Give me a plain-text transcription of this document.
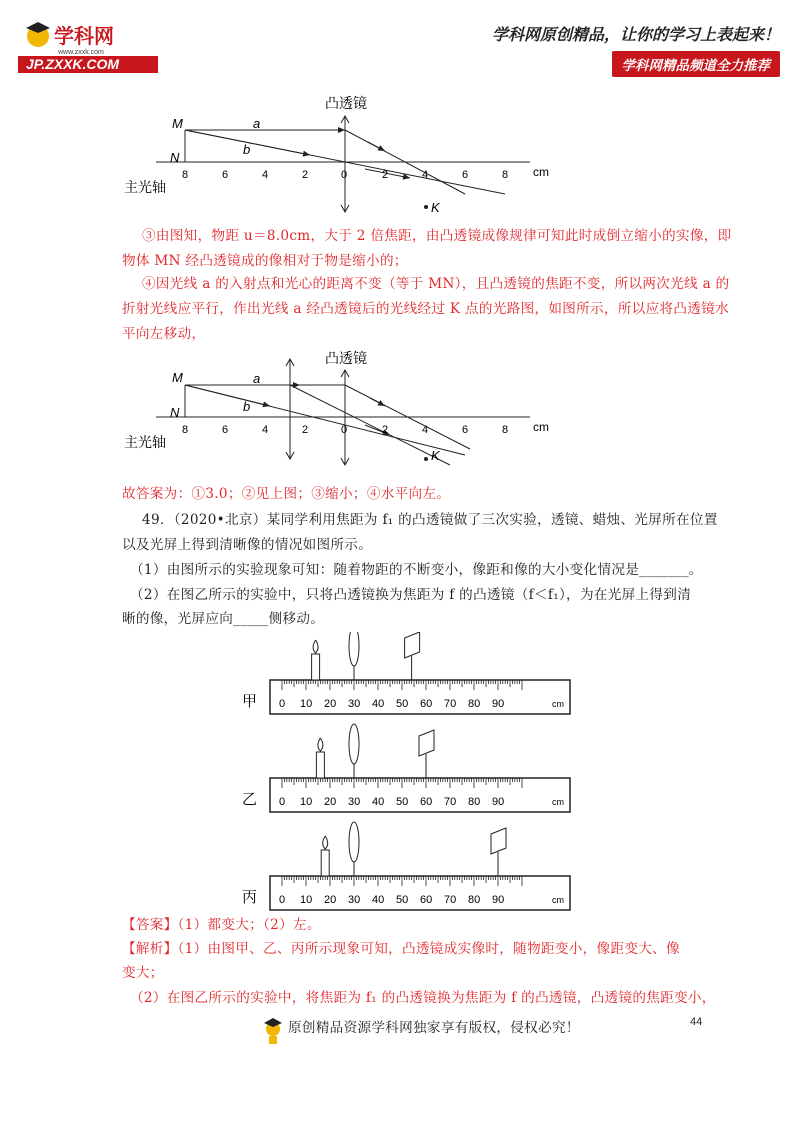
学科网
www.zxxk.com
JP.ZXXK.COM
学科网原创精品，让你的学习上表起来！
学科网精品频道全力推荐
凸透镜
M
N
a
b
K
cm
主光轴
8	6	4	2	0	2	4	6	8
③由图知，物距 u＝8.0cm，大于 2 倍焦距，由凸透镜成像规律可知此时成倒立缩小的实像，即
物体 MN 经凸透镜成的像相对于物是缩小的；
④因光线 a 的入射点和光心的距离不变（等于 MN），且凸透镜的焦距不变，所以两次光线 a 的
折射光线应平行，作出光线 a 经凸透镜后的光线经过 K 点的光路图，如图所示，所以应将凸透镜水
平向左移动，
凸透镜
M
N
a
b
K
cm
主光轴
8	6	4	2	0	2	4	6	8
故答案为：①3.0；②见上图；③缩小；④水平向左。
49．（2020•北京）某同学利用焦距为 f₁ 的凸透镜做了三次实验，透镜、蜡烛、光屏所在位置
以及光屏上得到清晰像的情况如图所示。
（1）由图所示的实验现象可知：随着物距的不断变小，像距和像的大小变化情况是_______。
（2）在图乙所示的实验中，只将凸透镜换为焦距为 f 的凸透镜（f＜f₁），为在光屏上得到清
晰的像，光屏应向_____侧移动。
甲 0 10 20 30 40 50 60 70 80 90	cm
乙 0 10 20 30 40 50 60 70 80 90	cm
丙 0 10 20 30 40 50 60 70 80 90	cm
【答案】（1）都变大；（2）左。
【解析】（1）由图甲、乙、丙所示现象可知，凸透镜成实像时，随物距变小，像距变大、像
变大；
（2）在图乙所示的实验中，将焦距为 f₁ 的凸透镜换为焦距为 f 的凸透镜，凸透镜的焦距变小，
原创精品资源学科网独家享有版权，侵权必究！	44
